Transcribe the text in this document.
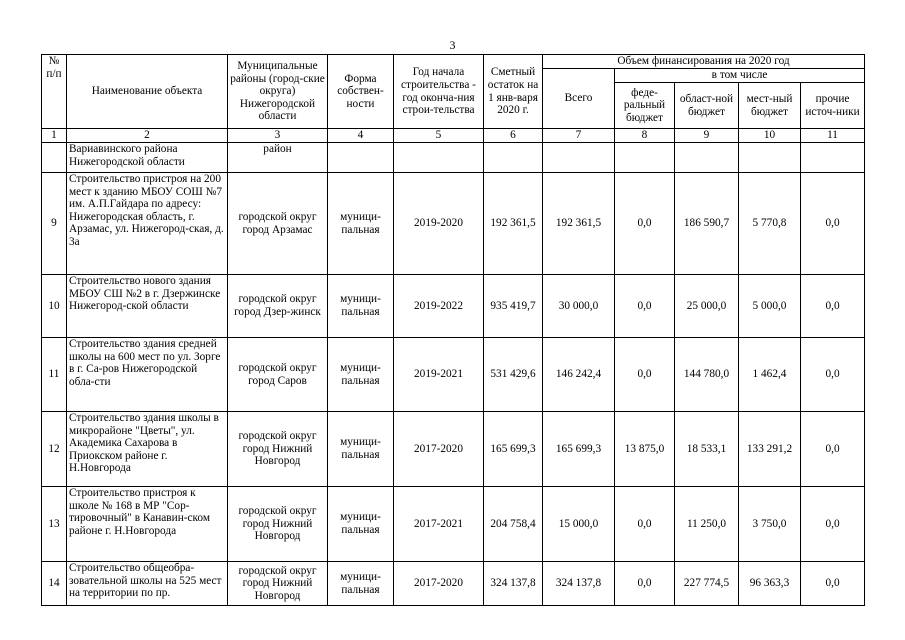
3
№ п/п	Наименование объекта	Муниципальные районы (город-ские округа) Нижегородской области	Форма собствен-ности	Год начала строительства - год оконча-ния строи-тельства	Сметный остаток на 1 янв-варя 2020 г.	Объем финансирования на 2020 год				
						Всего	в том числе			
							феде-ральный бюджет	област-ной бюджет	мест-ный бюджет	прочие источ-ники
1	2	3	4	5	6	7	8	9	10	11
	Вариавинского района Нижегородской области	район								
9	Строительство пристроя на 200 мест к зданию МБОУ СОШ №7 им. А.П.Гайдара по адресу: Нижегородская область, г. Арзамас, ул. Нижегород-ская, д. 3а	городской округ город Арзамас	муници-пальная	2019-2020	192 361,5	192 361,5	0,0	186 590,7	5 770,8	0,0
10	Строительство нового здания МБОУ СШ №2 в г. Дзержинске Нижегород-ской области	городской округ город Дзер-жинск	муници-пальная	2019-2022	935 419,7	30 000,0	0,0	25 000,0	5 000,0	0,0
11	Строительство здания средней школы на 600 мест по ул. Зорге в г. Са-ров Нижегородской обла-сти	городской округ город Саров	муници-пальная	2019-2021	531 429,6	146 242,4	0,0	144 780,0	1 462,4	0,0
12	Строительство здания школы в микрорайоне "Цветы", ул. Академика Сахарова в Приокском районе г. Н.Новгорода	городской округ город Нижний Новгород	муници-пальная	2017-2020	165 699,3	165 699,3	13 875,0	18 533,1	133 291,2	0,0
13	Строительство пристроя к школе № 168 в МР "Сор-тировочный" в Канавин-ском районе г. Н.Новгорода	городской округ город Нижний Новгород	муници-пальная	2017-2021	204 758,4	15 000,0	0,0	11 250,0	3 750,0	0,0
14	Строительство общеобра-зовательной школы на 525 мест на территории по пр.	городской округ город Нижний Новгород	муници-пальная	2017-2020	324 137,8	324 137,8	0,0	227 774,5	96 363,3	0,0
